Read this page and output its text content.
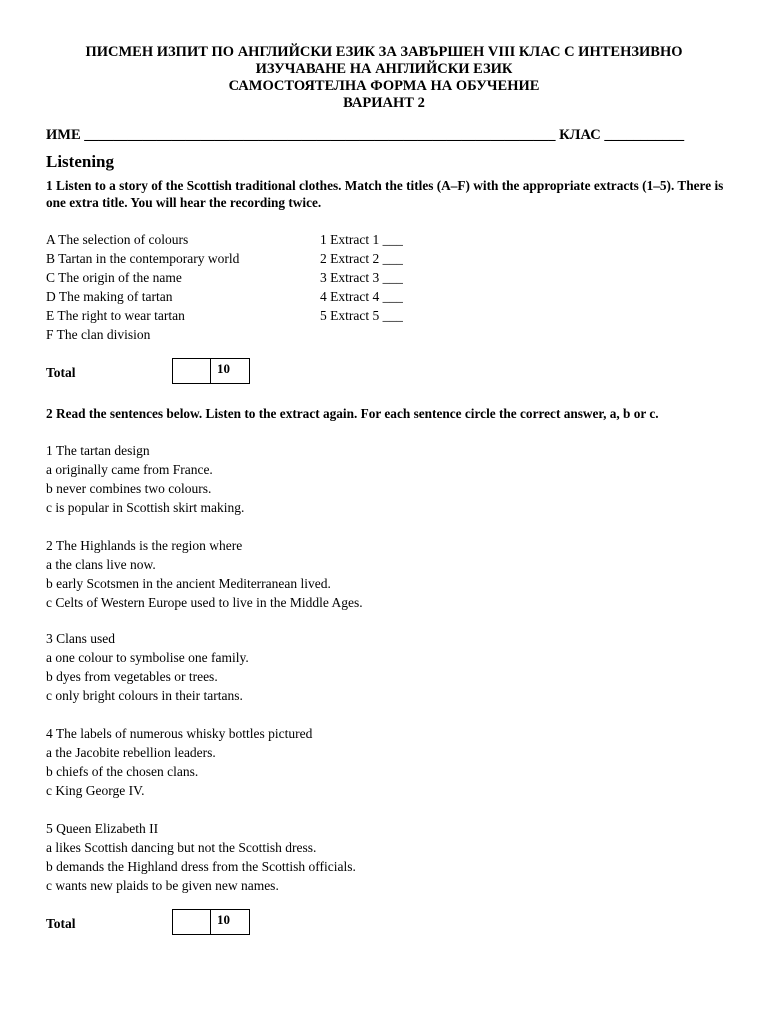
ПИСМЕН ИЗПИТ ПО АНГЛИЙСКИ ЕЗИК ЗА ЗАВЪРШЕН VIII КЛАС С ИНТЕНЗИВНО
ИЗУЧАВАНЕ НА АНГЛИЙСКИ ЕЗИК
САМОСТОЯТЕЛНА ФОРМА НА ОБУЧЕНИЕ
ВАРИАНТ 2
ИМЕ _________________________________________________________________ КЛАС ___________
Listening
1 Listen to a story of the Scottish traditional clothes. Match the titles (A–F) with the appropriate extracts (1–5). There is one extra title. You will hear the recording twice.
A The selection of colours
B Tartan in the contemporary world
C The origin of the name
D The making of tartan
E The right to wear tartan
F The clan division
1 Extract 1 ___
2 Extract 2 ___
3 Extract 3 ___
4 Extract 4 ___
5 Extract 5 ___
Total	10
2 Read the sentences below. Listen to the extract again. For each sentence circle the correct answer, a, b or c.
1 The tartan design
a originally came from France.
b never combines two colours.
c is popular in Scottish skirt making.
2 The Highlands is the region where
a the clans live now.
b early Scotsmen in the ancient Mediterranean lived.
c Celts of Western Europe used to live in the Middle Ages.
3 Clans used
a one colour to symbolise one family.
b dyes from vegetables or trees.
c only bright colours in their tartans.
4 The labels of numerous whisky bottles pictured
a the Jacobite rebellion leaders.
b chiefs of the chosen clans.
c King George IV.
5 Queen Elizabeth II
a likes Scottish dancing but not the Scottish dress.
b demands the Highland dress from the Scottish officials.
c wants new plaids to be given new names.
Total	10
